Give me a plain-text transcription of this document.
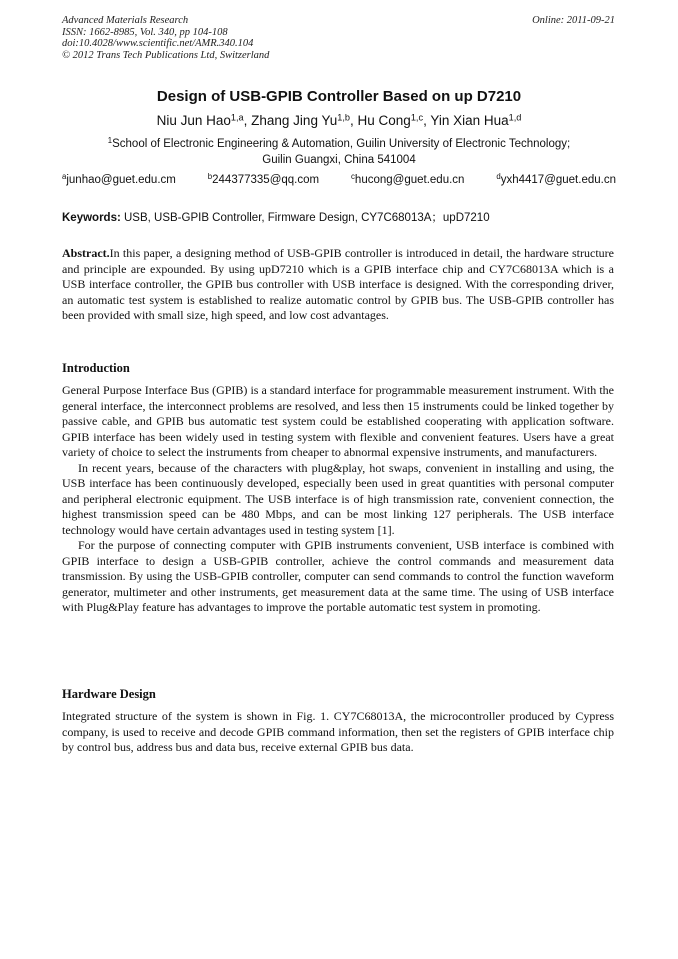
Advanced Materials Research
ISSN: 1662-8985, Vol. 340, pp 104-108
doi:10.4028/www.scientific.net/AMR.340.104
© 2012 Trans Tech Publications Ltd, Switzerland
Online: 2011-09-21
Design of USB-GPIB Controller Based on up D7210
Niu Jun Hao$^{1,a}$, Zhang Jing Yu$^{1,b}$, Hu Cong$^{1,c}$, Yin Xian Hua$^{1,d}$
$^1$School of Electronic Engineering & Automation, Guilin University of Electronic Technology;
Guilin Guangxi, China 541004
$^a$junhao@guet.edu.cm	$^b$244377335@qq.com	$^c$hucong@guet.edu.cn	$^d$yxh4417@guet.edu.cn
Keywords: USB, USB-GPIB Controller, Firmware Design, CY7C68013A；upD7210

Abstract.In this paper, a designing method of USB-GPIB controller is introduced in detail, the hardware structure and principle are expounded. By using upD7210 which is a GPIB interface chip and CY7C68013A which is a USB interface controller, the GPIB bus controller with USB interface is designed. With the corresponding driver, an automatic test system is established to realize automatic control by GPIB bus. The USB-GPIB controller has been provided with small size, high speed, and low cost advantages.

Introduction

General Purpose Interface Bus (GPIB) is a standard interface for programmable measurement instrument. With the general interface, the interconnect problems are resolved, and less then 15 instruments could be linked together by passive cable, and GPIB bus automatic test system could be established cooperating with application software. GPIB interface has been widely used in testing system with flexible and convenient features. Users have a great variety of choice to select the instruments from cheaper to abnormal expensive instruments, and manufacturers.

In recent years, because of the characters with plug&play, hot swaps, convenient in installing and using, the USB interface has been continuously developed, especially been used in great quantities with personal computer and peripheral electronic equipment. The USB interface is of high transmission rate, convenient connection, the highest transmission speed can be 480 Mbps, and can be most linking 127 peripherals. The USB interface technology would have certain advantages used in testing system [1].

For the purpose of connecting computer with GPIB instruments convenient, USB interface is combined with GPIB interface to design a USB-GPIB controller, achieve the control commands and measurement data transmission. By using the USB-GPIB controller, computer can send commands to control the function waveform generator, multimeter and other instruments, get measurement data at the same time. The using of USB interface with Plug&Play feature has advantages to improve the portable automatic test system in promoting.

Hardware Design

Integrated structure of the system is shown in Fig. 1. CY7C68013A, the microcontroller produced by Cypress company, is used to receive and decode GPIB command information, then set the registers of GPIB interface chip by control bus, address bus and data bus, receive external GPIB bus data.
